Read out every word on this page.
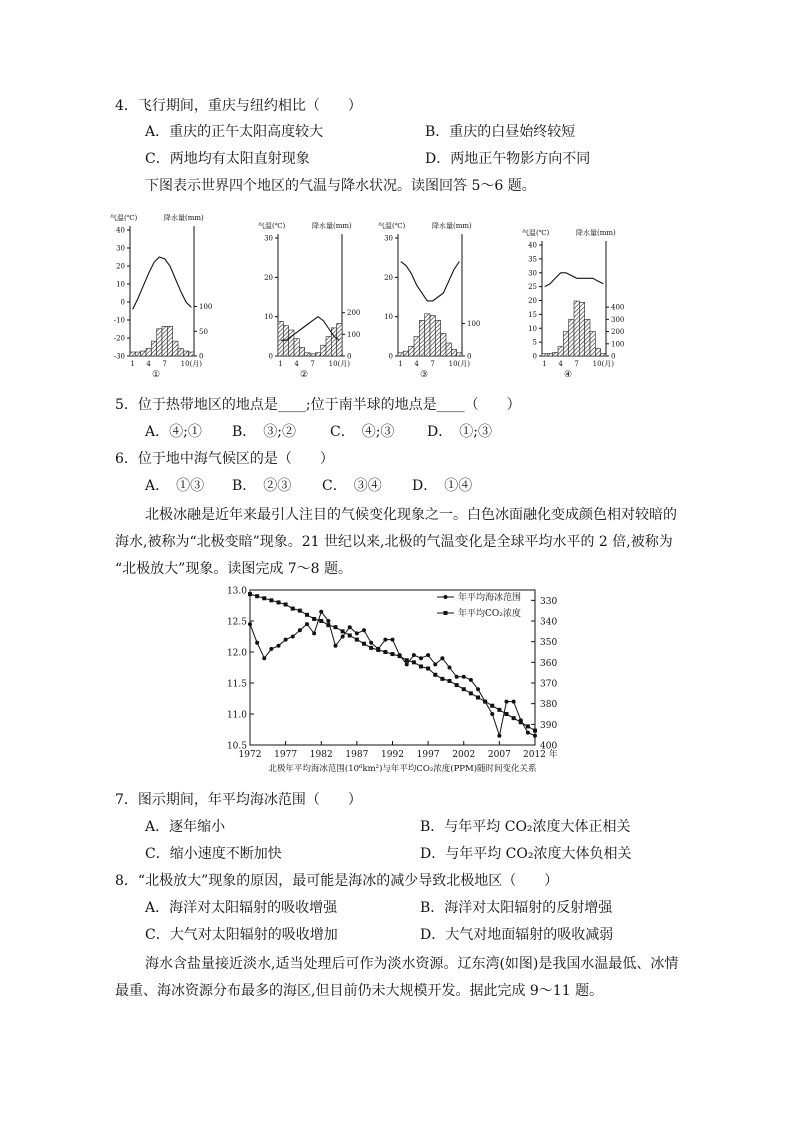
4．飞行期间，重庆与纽约相比（　　）
A．重庆的正午太阳高度较大	B．重庆的白昼始终较短
C．两地均有太阳直射现象	D．两地正午物影方向不同
下图表示世界四个地区的气温与降水状况。读图回答 5～6 题。
气温(℃)	降水量(mm)
40
30
20
10
0
-10
-20
-30
100
50
0
1 4 7 10(月)
①
气温(℃)	降水量(mm)
30
20
10
0
200
100
0
1 4 7 10(月)
②
气温(℃)	降水量(mm)
30
20
10
0
100
0
1 4 7 10(月)
③
气温(℃)	降水量(mm)
40
35
30
25
20
15
10
5
0
400
300
200
100
0
1 4 7 10(月)
④
5．位于热带地区的地点是____;位于南半球的地点是____（　　）
A．④;① B．　③;② C．　④;③ D．　①;③
6．位于地中海气候区的是（　　）
A．　①③ B．　②③ C．　③④ D．　①④
北极冰融是近年来最引人注目的气候变化现象之一。白色冰面融化变成颜色相对较暗的
海水,被称为“北极变暗”现象。21 世纪以来,北极的气温变化是全球平均水平的 2 倍,被称为
“北极放大”现象。读图完成 7～8 题。
13.0
12.5
12.0
11.5
11.0
10.5
330
340
350
360
370
380
390
400
1972 1977 1982 1987 1992 1997 2002 2007 2012 年
年平均海冰范围
年平均CO₂浓度
北极年平均海冰范围(10⁶km²)与年平均CO₂浓度(PPM)随时间变化关系
7．图示期间，年平均海冰范围（　　）
A．逐年缩小	B．与年平均 CO₂浓度大体正相关
C．缩小速度不断加快	D．与年平均 CO₂浓度大体负相关
8．“北极放大”现象的原因，最可能是海冰的减少导致北极地区（　　）
A．海洋对太阳辐射的吸收增强	B．海洋对太阳辐射的反射增强
C．大气对太阳辐射的吸收增加	D．大气对地面辐射的吸收减弱
海水含盐量接近淡水,适当处理后可作为淡水资源。辽东湾(如图)是我国水温最低、冰情
最重、海冰资源分布最多的海区,但目前仍未大规模开发。据此完成 9～11 题。
